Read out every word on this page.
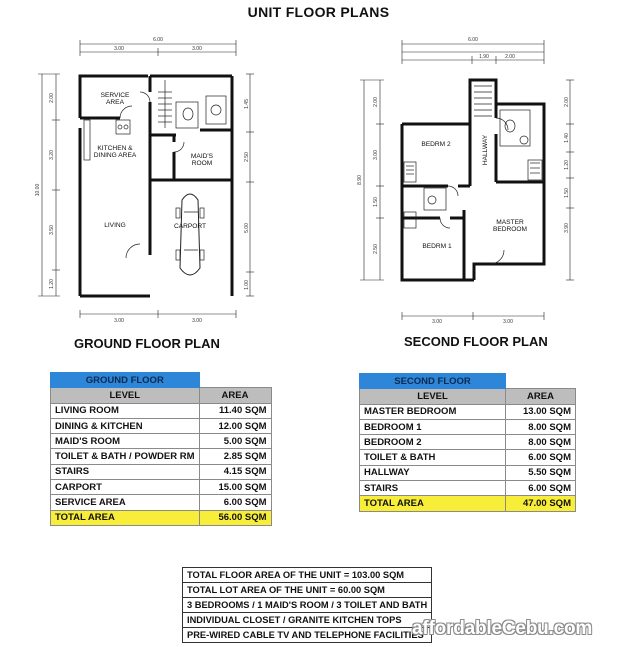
UNIT FLOOR PLANS
6.00
3.00	3.00
3.00	3.00
10.00
2.00
3.20
3.50
1.20
1.45
2.50
5.00
1.00
SERVICE AREA
KITCHEN & DINING AREA	MAID'S ROOM
LIVING	CARPORT
GROUND FLOOR PLAN
6.00
1.90	2.00
3.00	3.00
8.90
2.00
3.00
1.50
2.50
2.00
1.40
1.20
1.50
3.90
BEDRM 2	HALLWAY
BEDRM 1
MASTER BEDROOM
SECOND FLOOR PLAN
GROUND FLOOR	
LEVEL	AREA
LIVING ROOM	11.40 SQM
DINING & KITCHEN	12.00 SQM
MAID'S ROOM	5.00 SQM
TOILET & BATH / POWDER RM	2.85 SQM
STAIRS	4.15 SQM
CARPORT	15.00 SQM
SERVICE AREA	6.00 SQM
TOTAL AREA	56.00 SQM
SECOND FLOOR	
LEVEL	AREA
MASTER BEDROOM	13.00 SQM
BEDROOM 1	8.00 SQM
BEDROOM 2	8.00 SQM
TOILET & BATH	6.00 SQM
HALLWAY	5.50 SQM
STAIRS	6.00 SQM
TOTAL AREA	47.00 SQM
TOTAL FLOOR AREA OF THE UNIT = 103.00 SQM
TOTAL LOT AREA OF THE UNIT = 60.00 SQM
3 BEDROOMS / 1 MAID'S ROOM / 3 TOILET AND BATH
INDIVIDUAL CLOSET / GRANITE KITCHEN TOPS
PRE-WIRED CABLE TV AND TELEPHONE FACILITIES
affordableCebu.com
